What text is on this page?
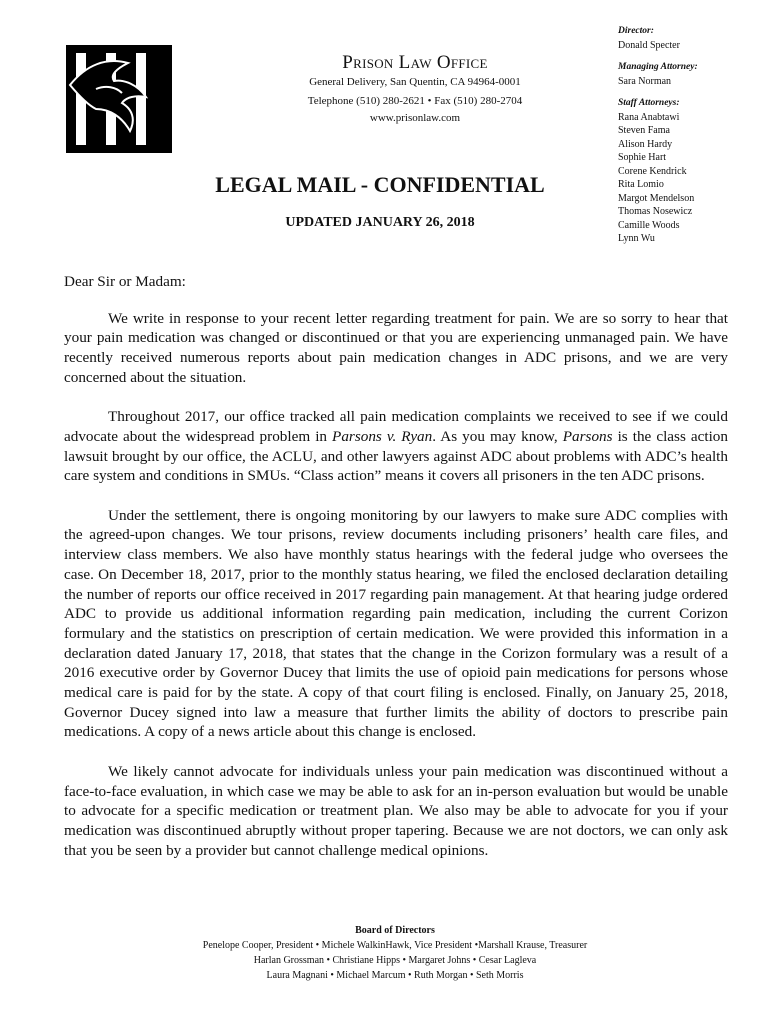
Prison Law Office
General Delivery, San Quentin, CA 94964-0001
Telephone (510) 280-2621 • Fax (510) 280-2704
www.prisonlaw.com
Director:
Donald Specter
Managing Attorney:
Sara Norman
Staff Attorneys:
Rana Anabtawi
Steven Fama
Alison Hardy
Sophie Hart
Corene Kendrick
Rita Lomio
Margot Mendelson
Thomas Nosewicz
Camille Woods
Lynn Wu
LEGAL MAIL - CONFIDENTIAL
UPDATED JANUARY 26, 2018

Dear Sir or Madam:

We write in response to your recent letter regarding treatment for pain. We are so sorry to hear that your pain medication was changed or discontinued or that you are experiencing unmanaged pain. We have recently received numerous reports about pain medication changes in ADC prisons, and we are very concerned about the situation.

Throughout 2017, our office tracked all pain medication complaints we received to see if we could advocate about the widespread problem in Parsons v. Ryan. As you may know, Parsons is the class action lawsuit brought by our office, the ACLU, and other lawyers against ADC about problems with ADC’s health care system and conditions in SMUs. “Class action” means it covers all prisoners in the ten ADC prisons.

Under the settlement, there is ongoing monitoring by our lawyers to make sure ADC complies with the agreed-upon changes. We tour prisons, review documents including prisoners’ health care files, and interview class members. We also have monthly status hearings with the federal judge who oversees the case. On December 18, 2017, prior to the monthly status hearing, we filed the enclosed declaration detailing the number of reports our office received in 2017 regarding pain management. At that hearing judge ordered ADC to provide us additional information regarding pain medication, including the current Corizon formulary and the statistics on prescription of certain medication. We were provided this information in a declaration dated January 17, 2018, that states that the change in the Corizon formulary was a result of a 2016 executive order by Governor Ducey that limits the use of opioid pain medications for persons whose medical care is paid for by the state. A copy of that court filing is enclosed. Finally, on January 25, 2018, Governor Ducey signed into law a measure that further limits the ability of doctors to prescribe pain medications. A copy of a news article about this change is enclosed.

We likely cannot advocate for individuals unless your pain medication was discontinued without a face-to-face evaluation, in which case we may be able to ask for an in-person evaluation but would be unable to advocate for a specific medication or treatment plan. We also may be able to advocate for you if your medication was discontinued abruptly without proper tapering. Because we are not doctors, we can only ask that you be seen by a provider but cannot challenge medical opinions.

Board of Directors
Penelope Cooper, President • Michele WalkinHawk, Vice President •Marshall Krause, Treasurer
Harlan Grossman • Christiane Hipps • Margaret Johns • Cesar Lagleva
Laura Magnani • Michael Marcum • Ruth Morgan • Seth Morris
